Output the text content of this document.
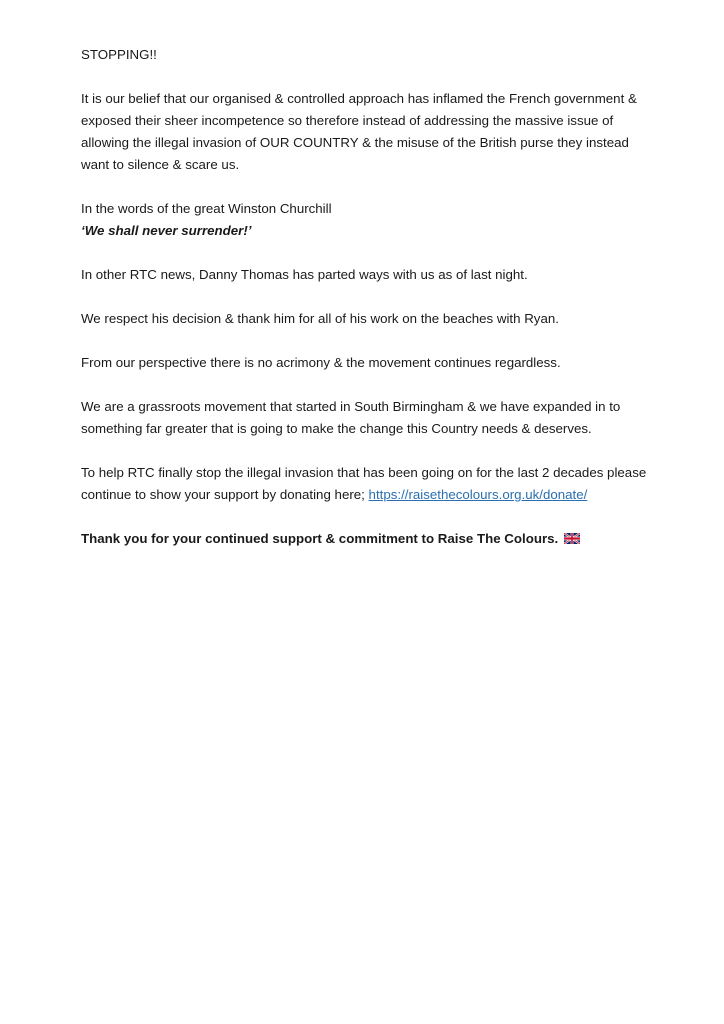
STOPPING!!

It is our belief that our organised & controlled approach has inflamed the French government & exposed their sheer incompetence so therefore instead of addressing the massive issue of allowing the illegal invasion of OUR COUNTRY & the misuse of the British purse they instead want to silence & scare us.

In the words of the great Winston Churchill
‘We shall never surrender!’

In other RTC news, Danny Thomas has parted ways with us as of last night.

We respect his decision & thank him for all of his work on the beaches with Ryan.

From our perspective there is no acrimony & the movement continues regardless.

We are a grassroots movement that started in South Birmingham & we have expanded in to something far greater that is going to make the change this Country needs & deserves.

To help RTC finally stop the illegal invasion that has been going on for the last 2 decades please continue to show your support by donating here; https://raisethecolours.org.uk/donate/

Thank you for your continued support & commitment to Raise The Colours.
